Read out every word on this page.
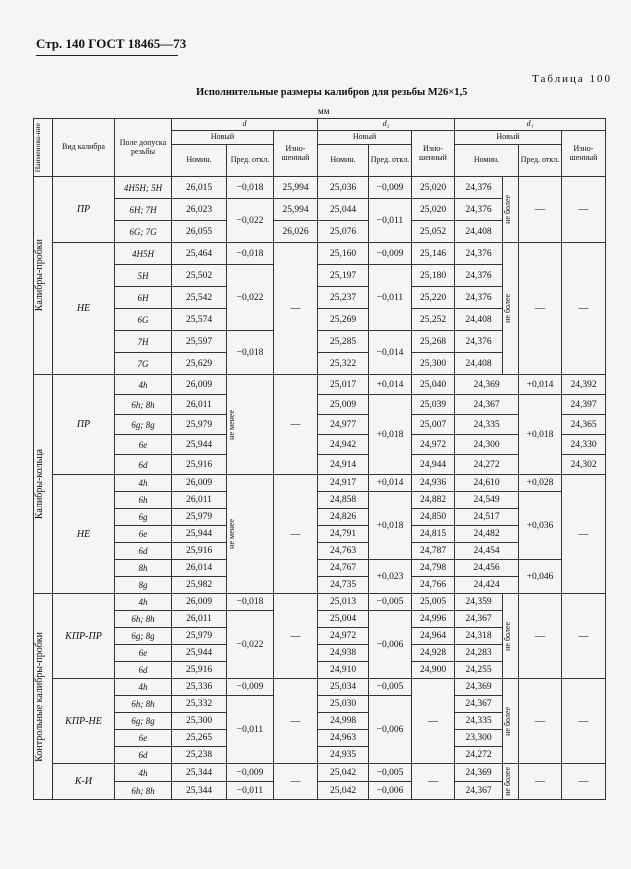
Стр. 140 ГОСТ 18465—73
Таблица 100
Исполнительные размеры калибров для резьбы М26×1,5
мм
Наименова-ние	Вид калибра	Поле допуска резьбы	d			d₂			d₁			
			Новый		Изно-шенный	Новый		Изно-шенный	Новый			Изно-шенный
			Номин.	Пред. откл.		Номин.	Пред. откл.		Номин.		Пред. откл.	

Калибры-пробки	ПР	4H5H; 5H	26,015	−0,018	25,994	25,036	−0,009	25,020	24,376	не более	—	—
		6H; 7H	26,023	−0,022	25,994	25,044	−0,011	25,020	24,376			
		6G; 7G	26,055		26,026	25,076		25,052	24,408			
	НЕ	4H5H	25,464	−0,018	—	25,160	−0,009	25,146	24,376	не более	—	—
		5H	25,502	−0,022		25,197	−0,011	25,180	24,376			
		6H	25,542			25,237		25,220	24,376			
		6G	25,574			25,269		25,252	24,408			
		7H	25,597	−0,018		25,285	−0,014	25,268	24,376			
		7G	25,629			25,322		25,300	24,408			

Калибры-кольца	ПР	4h	26,009	не менее	—	25,017	+0,014	25,040	24,369		+0,014	24,392
		6h; 8h	26,011			25,009	+0,018	25,039	24,367		+0,018	24,397
		6g; 8g	25,979			24,977		25,007	24,335			24,365
		6e	25,944			24,942		24,972	24,300			24,330
		6d	25,916			24,914		24,944	24,272			24,302
	НЕ	4h	26,009	не менее	—	24,917	+0,014	24,936	24,610		+0,028	—
		6h	26,011			24,858	+0,018	24,882	24,549		+0,036	
		6g	25,979			24,826		24,850	24,517			
		6e	25,944			24,791		24,815	24,482			
		6d	25,916			24,763		24,787	24,454			
		8h	26,014			24,767	+0,023	24,798	24,456		+0,046	
		8g	25,982			24,735		24,766	24,424			

Контрольные калибры-пробки	КПР-ПР	4h	26,009	−0,018	—	25,013	−0,005	25,005	24,359	не более	—	—
		6h; 8h	26,011	−0,022		25,004	−0,006	24,996	24,367			
		6g; 8g	25,979			24,972		24,964	24,318			
		6e	25,944			24,938		24,928	24,283			
		6d	25,916			24,910		24,900	24,255			
	КПР-НЕ	4h	25,336	−0,009	—	25,034	−0,005	—	24,369	не более	—	—
		6h; 8h	25,332	−0,011		25,030	−0,006		24,367			
		6g; 8g	25,300			24,998			24,335			
		6e	25,265			24,963			23,300			
		6d	25,238			24,935			24,272			
	К-И	4h	25,344	−0,009	—	25,042	−0,005	—	24,369	не более	—	—
		6h; 8h	25,344	−0,011		25,042	−0,006		24,367			
